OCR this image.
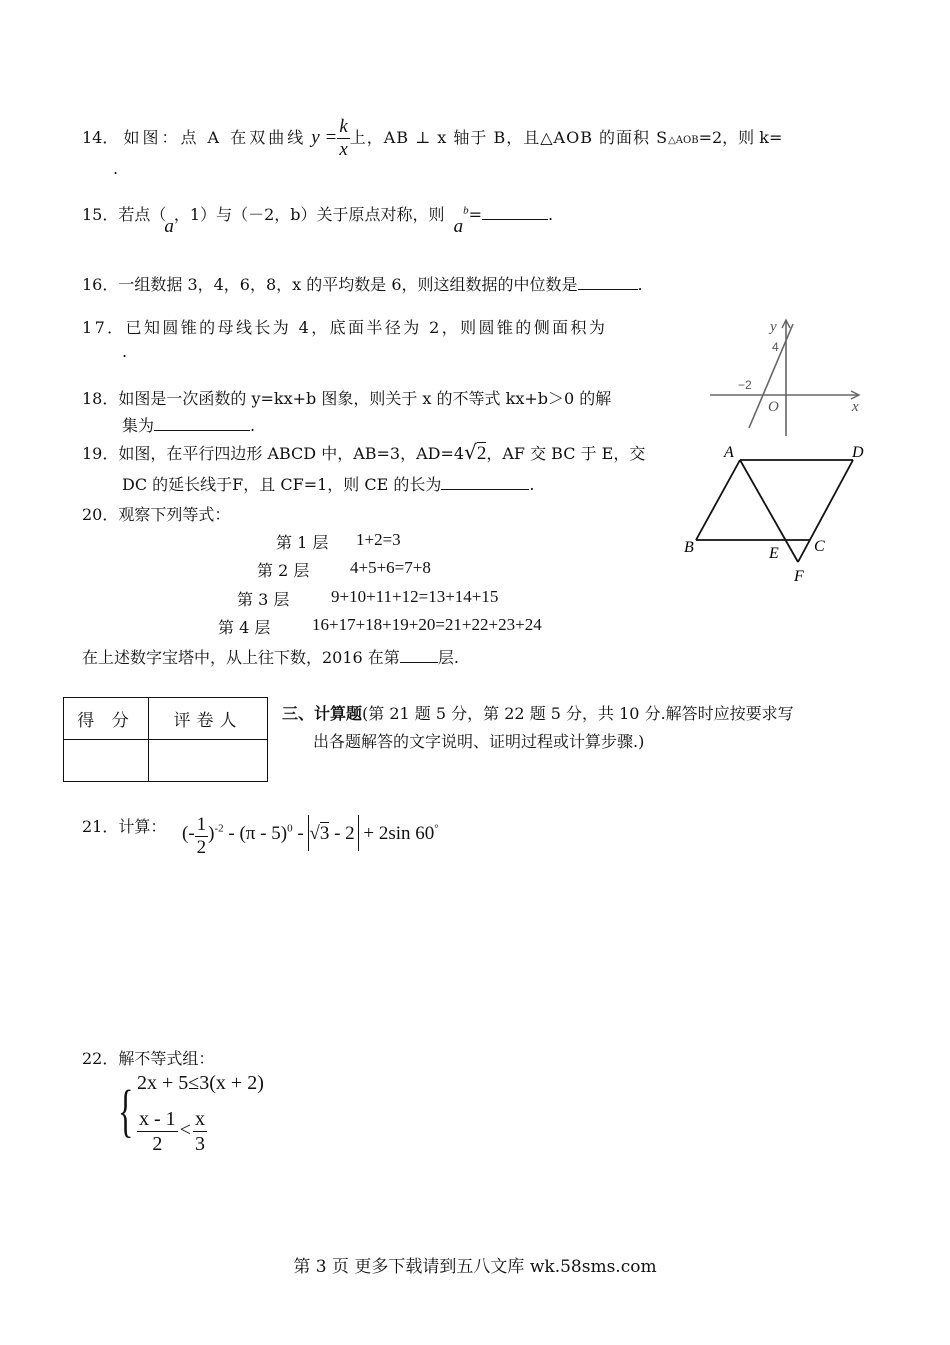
14． 如图：点 A 在双曲线 $y = \frac{k}{x}$ 上，AB ⊥ x 轴于 B，且△AOB 的面积 S△AOB=2，则 k=
.
15．若点（a，1）与（－2，b）关于原点对称，则 $a^b=$	.
16．一组数据 3，4，6，8，x 的平均数是 6，则这组数据的中位数是	.
17．已知圆锥的母线长为 4，底面半径为 2，则圆锥的侧面积为
.
18．如图是一次函数的 y=kx+b 图象，则关于 x 的不等式 kx+b＞0 的解
集为	.
19．如图，在平行四边形 ABCD 中，AB=3，AD=4√2，AF 交 BC 于 E，交
DC 的延长线于F，且 CF=1，则 CE 的长为	.
20．观察下列等式：
第 1 层 1+2=3
第 2 层 4+5+6=7+8
第 3 层 9+10+11+12=13+14+15
第 4 层 16+17+18+19+20=21+22+23+24
在上述数字宝塔中，从上往下数，2016 在第 层.
得 分	评卷人
	三、计算题(第 21 题 5 分，第 22 题 5 分，共 10 分.解答时应按要求写
出各题解答的文字说明、证明过程或计算步骤.)
21．计算： (- $\frac{1}{2} )^{-2} - (\pi - 5)^0 - √3 - 2 + 2\sin$ 60°
22．解不等式组：
{ 2x + 5≤3(x + 2)
$\frac{x - 1}{2} < \frac{x}{3}$
y
4
−2
O	x
A	D
B	E C
F
第 3 页 更多下载请到五八文库 wk.58sms.com
